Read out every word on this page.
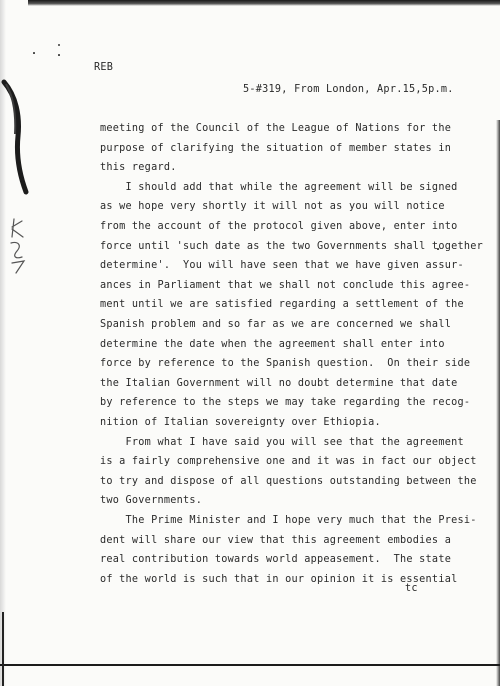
REB

5-#319, From London, Apr.15,5p.m.

meeting of the Council of the League of Nations for the
purpose of clarifying the situation of member states in
this regard.
I should add that while the agreement will be signed
as we hope very shortly it will not as you will notice
from the account of the protocol given above, enter into
force until 'such date as the two Governments shall together
determine'.  You will have seen that we have given assur-
ances in Parliament that we shall not conclude this agree-
ment until we are satisfied regarding a settlement of the
Spanish problem and so far as we are concerned we shall
determine the date when the agreement shall enter into
force by reference to the Spanish question.  On their side
the Italian Government will no doubt determine that date
by reference to the steps we may take regarding the recog-
nition of Italian sovereignty over Ethiopia.
From what I have said you will see that the agreement
is a fairly comprehensive one and it was in fact our object
to try and dispose of all questions outstanding between the
two Governments.
The Prime Minister and I hope very much that the Presi-
dent will share our view that this agreement embodies a
real contribution towards world appeasement.  The state
of the world is such that in our opinion it is essential

tc
